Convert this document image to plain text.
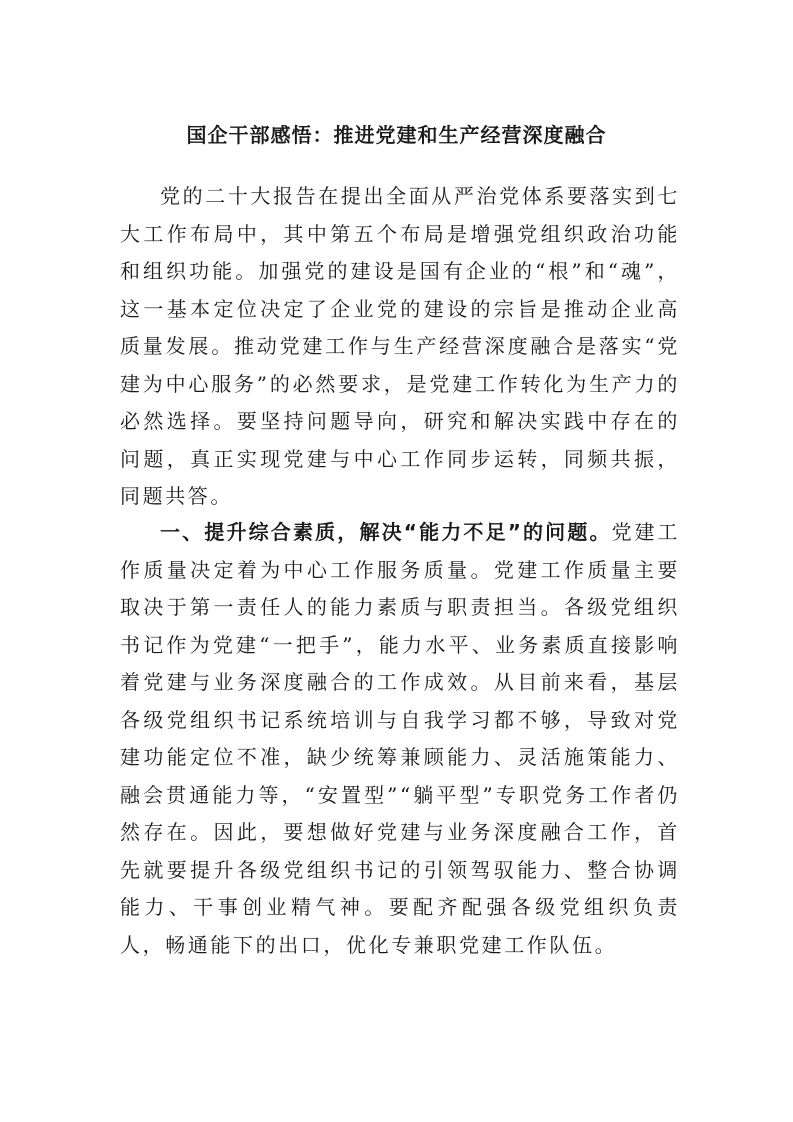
国企干部感悟：推进党建和生产经营深度融合

党的二十大报告在提出全面从严治党体系要落实到七大工作布局中，其中第五个布局是增强党组织政治功能和组织功能。加强党的建设是国有企业的“根”和“魂”，这一基本定位决定了企业党的建设的宗旨是推动企业高质量发展。推动党建工作与生产经营深度融合是落实“党建为中心服务”的必然要求，是党建工作转化为生产力的必然选择。要坚持问题导向，研究和解决实践中存在的问题，真正实现党建与中心工作同步运转，同频共振，同题共答。

一、提升综合素质，解决“能力不足”的问题。党建工作质量决定着为中心工作服务质量。党建工作质量主要取决于第一责任人的能力素质与职责担当。各级党组织书记作为党建“一把手”，能力水平、业务素质直接影响着党建与业务深度融合的工作成效。从目前来看，基层各级党组织书记系统培训与自我学习都不够，导致对党建功能定位不准，缺少统筹兼顾能力、灵活施策能力、融会贯通能力等，“安置型”“躺平型”专职党务工作者仍然存在。因此，要想做好党建与业务深度融合工作，首先就要提升各级党组织书记的引领驾驭能力、整合协调能力、干事创业精气神。要配齐配强各级党组织负责人，畅通能下的出口，优化专兼职党建工作队伍。
